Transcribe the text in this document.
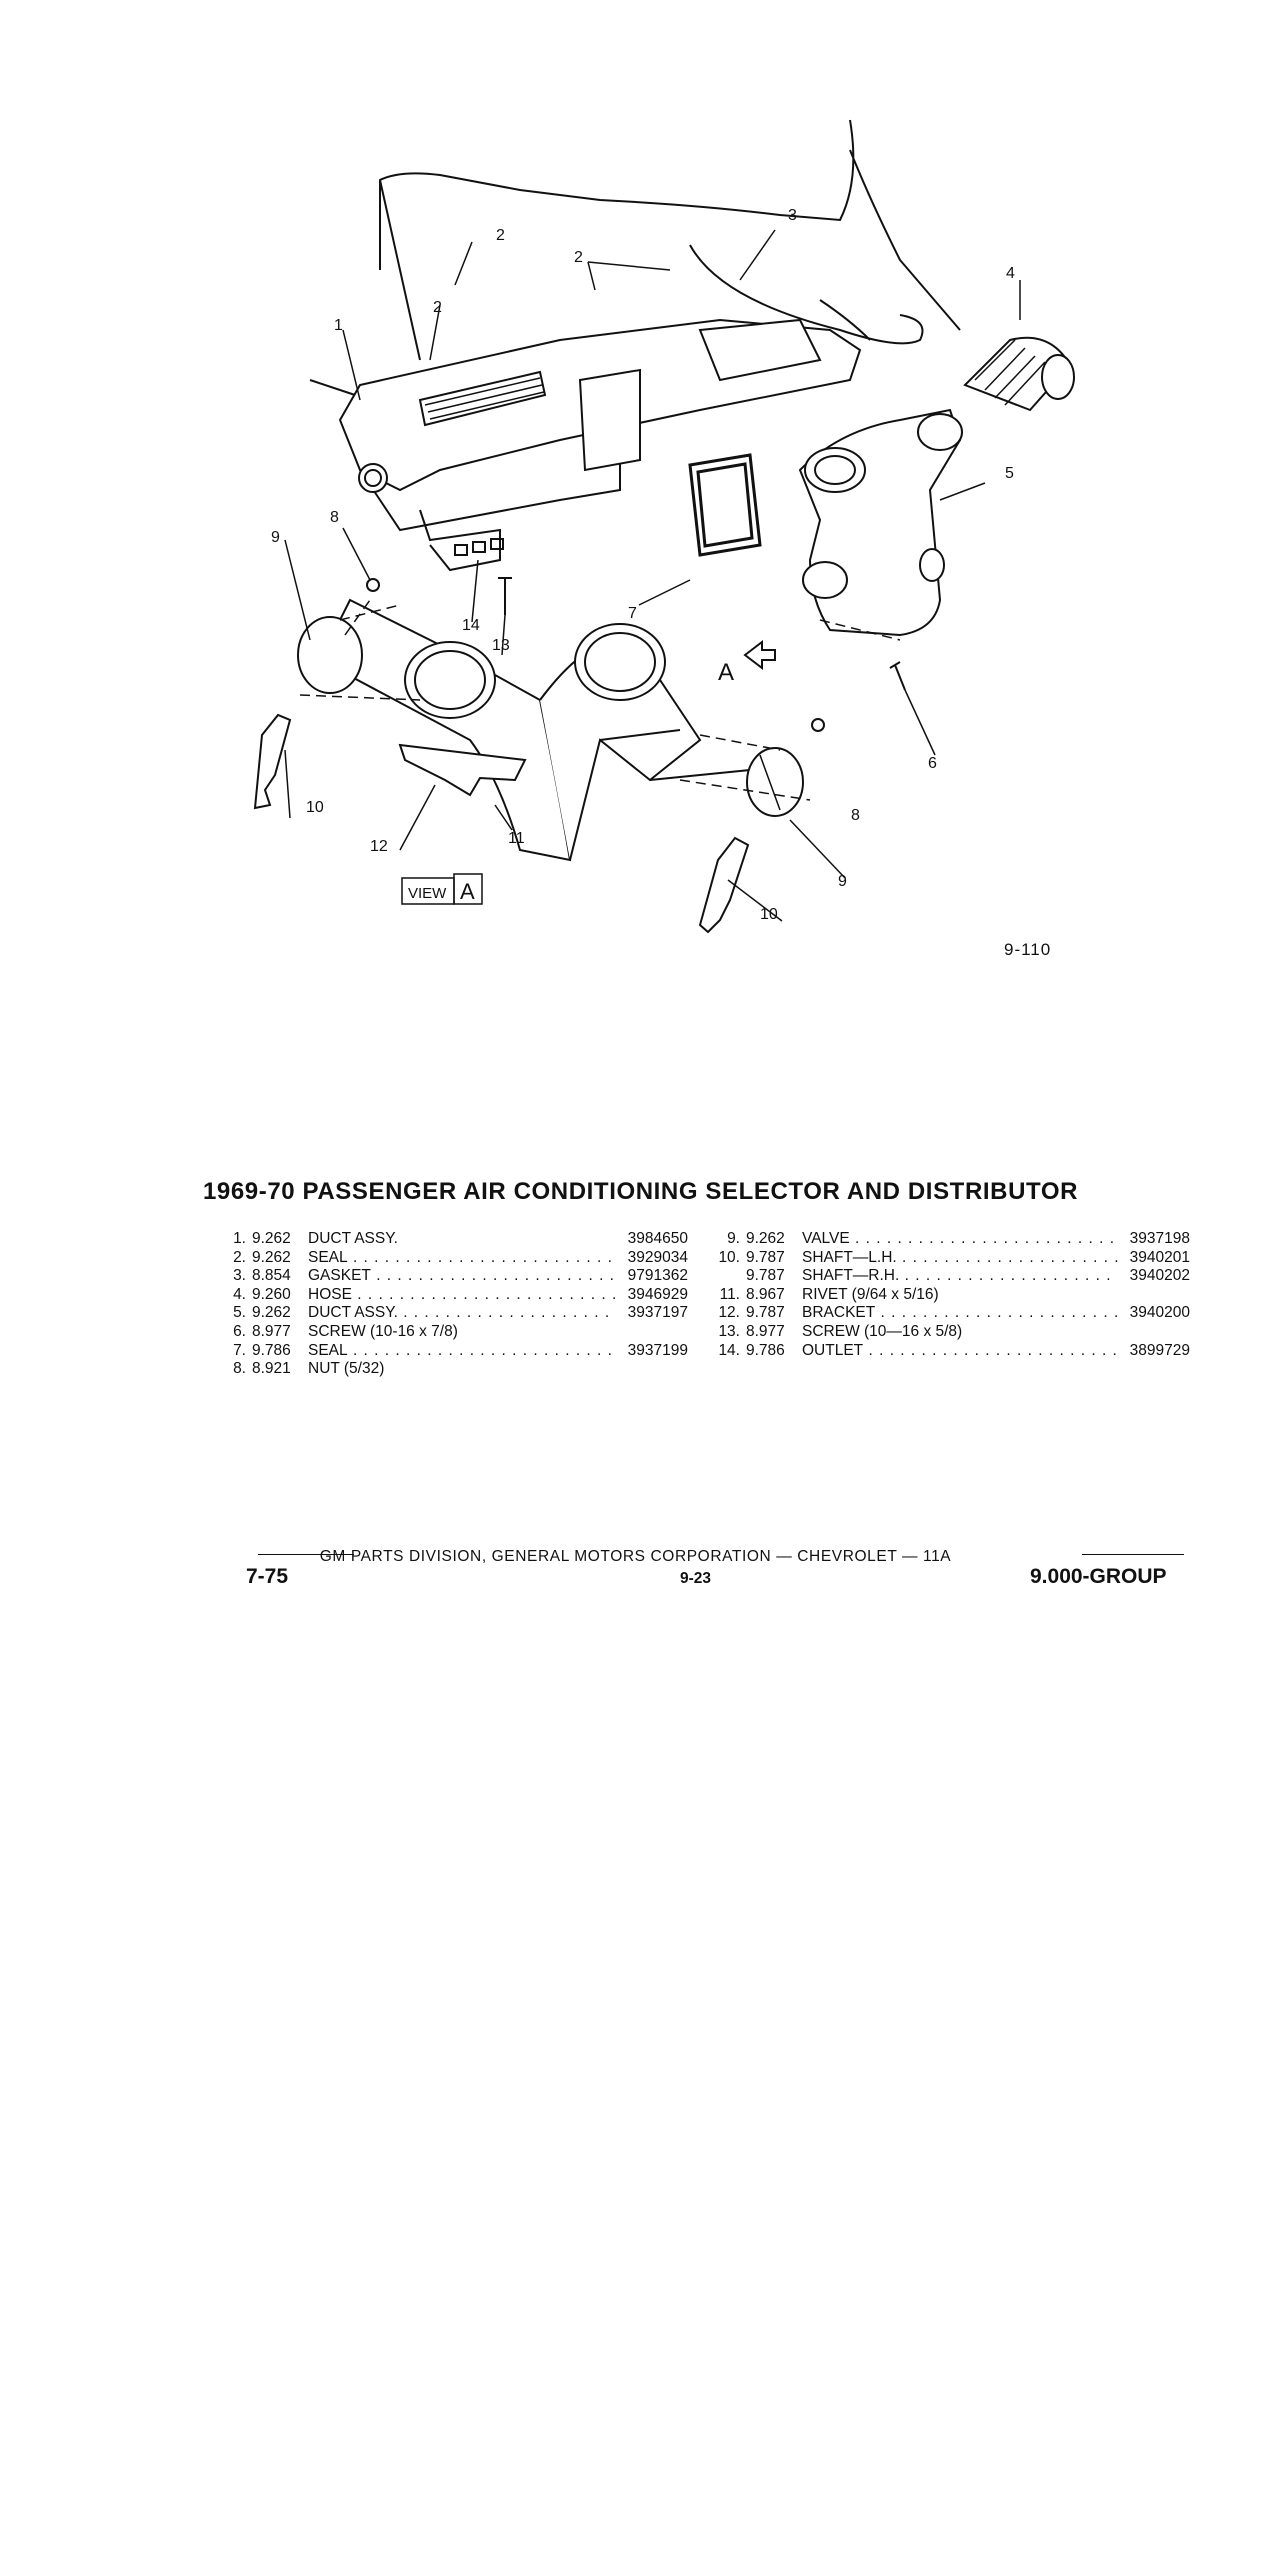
1
2
2
2
3
4
5
6
7
8
8
9
9
10
10
11
12
13
14
A
VIEW A
9-110
1969-70 PASSENGER AIR CONDITIONING SELECTOR AND DISTRIBUTOR
1. 9.262	DUCT ASSY.	3984650
2. 9.262	SEAL . . .	3929034
3. 8.854	GASKET . . .	9791362
4. 9.260	HOSE . . .	3946929
5. 9.262	DUCT ASSY. . . .	3937197
6. 8.977	SCREW (10-16 x 7/8)
7. 9.786	SEAL . . .	3937199
8. 8.921	NUT (5/32)
9. 9.262	VALVE . . .	3937198
10. 9.787	SHAFT—L.H. . . .	3940201
9.787	SHAFT—R.H. . . .	3940202
11. 8.967	RIVET (9/64 x 5/16)
12. 9.787	BRACKET . . .	3940200
13. 8.977	SCREW (10—16 x 5/8)
14. 9.786	OUTLET . . .	3899729
GM PARTS DIVISION, GENERAL MOTORS CORPORATION — CHEVROLET — 11A
7-75	9-23	9.000-GROUP
